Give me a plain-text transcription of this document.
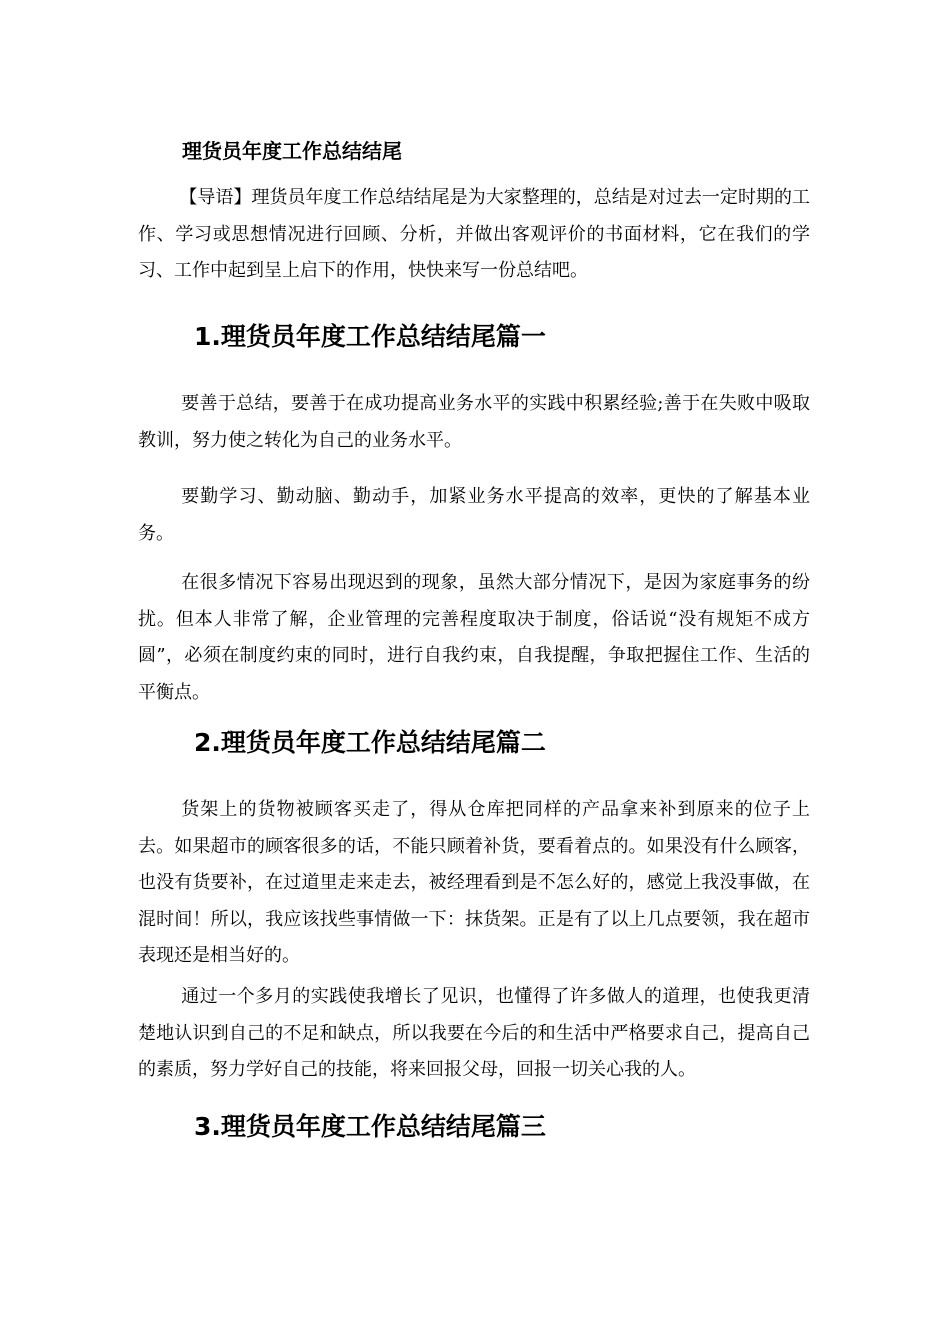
理货员年度工作总结结尾

【导语】理货员年度工作总结结尾是为大家整理的，总结是对过去一定时期的工作、学习或思想情况进行回顾、分析，并做出客观评价的书面材料，它在我们的学习、工作中起到呈上启下的作用，快快来写一份总结吧。

1.理货员年度工作总结结尾篇一

要善于总结，要善于在成功提高业务水平的实践中积累经验;善于在失败中吸取教训，努力使之转化为自己的业务水平。

要勤学习、勤动脑、勤动手，加紧业务水平提高的效率，更快的了解基本业务。

在很多情况下容易出现迟到的现象，虽然大部分情况下，是因为家庭事务的纷扰。但本人非常了解，企业管理的完善程度取决于制度，俗话说“没有规矩不成方圆”，必须在制度约束的同时，进行自我约束，自我提醒，争取把握住工作、生活的平衡点。

2.理货员年度工作总结结尾篇二

货架上的货物被顾客买走了，得从仓库把同样的产品拿来补到原来的位子上去。如果超市的顾客很多的话，不能只顾着补货，要看着点的。如果没有什么顾客，也没有货要补，在过道里走来走去，被经理看到是不怎么好的，感觉上我没事做，在混时间！所以，我应该找些事情做一下：抹货架。正是有了以上几点要领，我在超市表现还是相当好的。

通过一个多月的实践使我增长了见识，也懂得了许多做人的道理，也使我更清楚地认识到自己的不足和缺点，所以我要在今后的和生活中严格要求自己，提高自己的素质，努力学好自己的技能，将来回报父母，回报一切关心我的人。

3.理货员年度工作总结结尾篇三
